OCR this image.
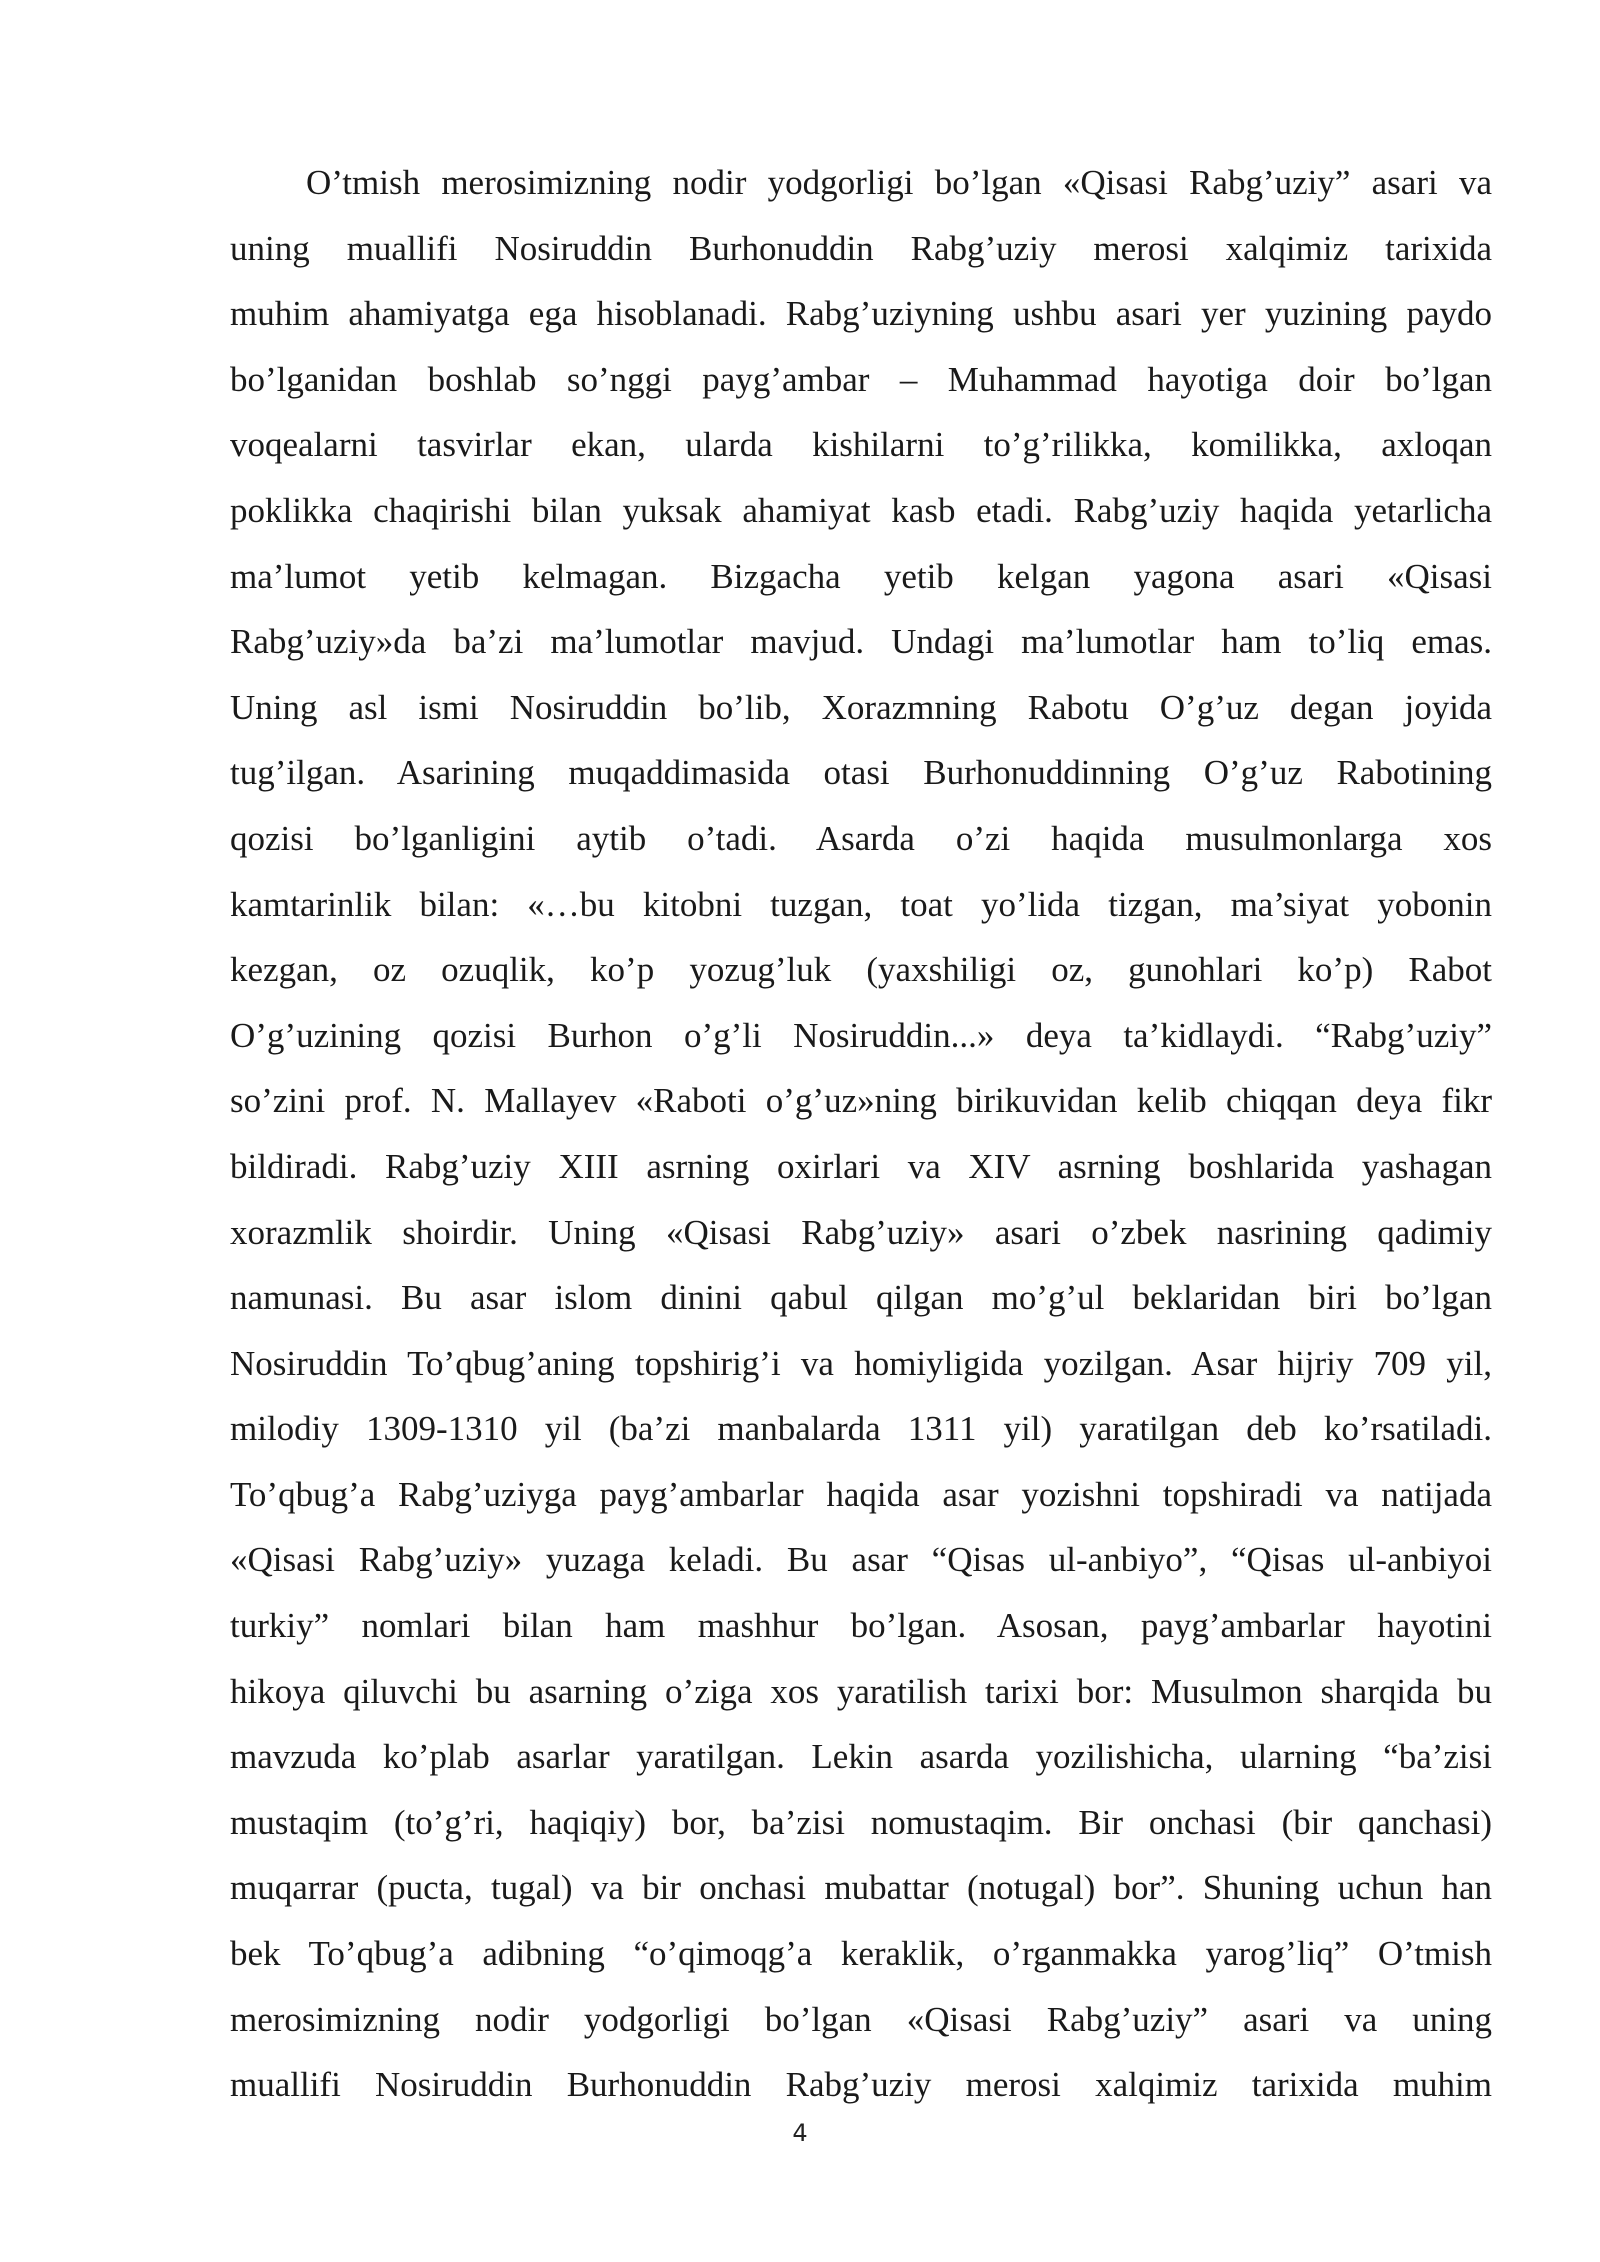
O’tmish merosimizning nodir yodgorligi bo’lgan «Qisasi Rabg’uziy” asari va
uning muallifi Nosiruddin Burhonuddin Rabg’uziy merosi xalqimiz tarixida
muhim ahamiyatga ega hisoblanadi. Rabg’uziyning ushbu asari yer yuzining paydo
bo’lganidan boshlab so’nggi payg’ambar – Muhammad hayotiga doir bo’lgan
voqealarni tasvirlar ekan, ularda kishilarni to’g’rilikka, komilikka, axloqan
poklikka chaqirishi bilan yuksak ahamiyat kasb etadi. Rabg’uziy haqida yetarlicha
ma’lumot yetib kelmagan. Bizgacha yetib kelgan yagona asari «Qisasi
Rabg’uziy»da ba’zi ma’lumotlar mavjud. Undagi ma’lumotlar ham to’liq emas.
Uning asl ismi Nosiruddin bo’lib, Xorazmning Rabotu O’g’uz degan joyida
tug’ilgan. Asarining muqaddimasida otasi Burhonuddinning O’g’uz Rabotining
qozisi bo’lganligini aytib o’tadi. Asarda o’zi haqida musulmonlarga xos
kamtarinlik bilan: «…bu kitobni tuzgan, toat yo’lida tizgan, ma’siyat yobonin
kezgan, oz ozuqlik, ko’p yozug’luk (yaxshiligi oz, gunohlari ko’p) Rabot
O’g’uzining qozisi Burhon o’g’li Nosiruddin...» deya ta’kidlaydi. “Rabg’uziy”
so’zini prof. N. Mallayev «Raboti o’g’uz»ning birikuvidan kelib chiqqan deya fikr
bildiradi. Rabg’uziy XIII asrning oxirlari va XIV asrning boshlarida yashagan
xorazmlik shoirdir. Uning «Qisasi Rabg’uziy» asari o’zbek nasrining qadimiy
namunasi. Bu asar islom dinini qabul qilgan mo’g’ul beklaridan biri bo’lgan
Nosiruddin To’qbug’aning topshirig’i va homiyligida yozilgan. Asar hijriy 709 yil,
milodiy 1309-1310 yil (ba’zi manbalarda 1311 yil) yaratilgan deb ko’rsatiladi.
To’qbug’a Rabg’uziyga payg’ambarlar haqida asar yozishni topshiradi va natijada
«Qisasi Rabg’uziy» yuzaga keladi. Bu asar “Qisas ul-anbiyo”, “Qisas ul-anbiyoi
turkiy” nomlari bilan ham mashhur bo’lgan. Asosan, payg’ambarlar hayotini
hikoya qiluvchi bu asarning o’ziga xos yaratilish tarixi bor: Musulmon sharqida bu
mavzuda ko’plab asarlar yaratilgan. Lekin asarda yozilishicha, ularning “ba’zisi
mustaqim (to’g’ri, haqiqiy) bor, ba’zisi nomustaqim. Bir onchasi (bir qanchasi)
muqarrar (pucta, tugal) va bir onchasi mubattar (notugal) bor”. Shuning uchun han
bek To’qbug’a adibning “o’qimoqg’a keraklik, o’rganmakka yarog’liq” O’tmish
merosimizning nodir yodgorligi bo’lgan «Qisasi Rabg’uziy” asari va uning
muallifi Nosiruddin Burhonuddin Rabg’uziy merosi xalqimiz tarixida muhim
4
